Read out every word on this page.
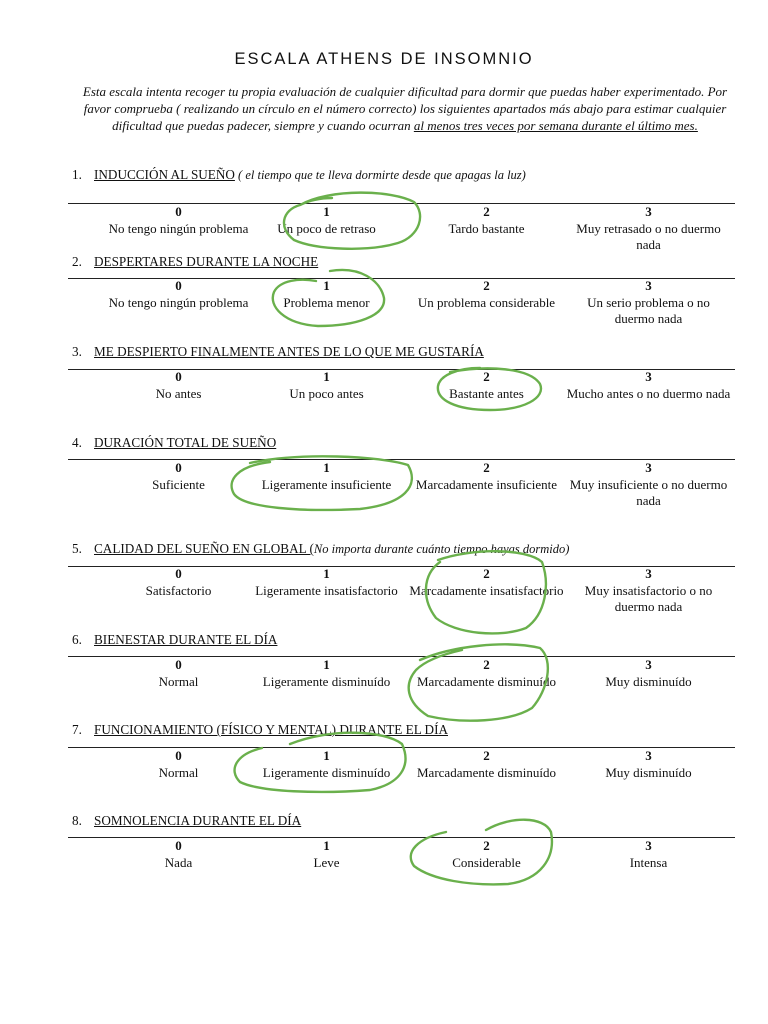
ESCALA ATHENS DE INSOMNIO
Esta escala intenta recoger tu propia evaluación de cualquier dificultad para dormir que puedas haber experimentado. Por favor comprueba ( realizando un círculo en el número correcto) los siguientes apartados más abajo para estimar cualquier dificultad que puedas padecer, siempre y cuando ocurran al menos tres veces por semana durante el último mes.
1. INDUCCIÓN AL SUEÑO ( el tiempo que te lleva dormirte desde que apagas la luz)
0
No tengo ningún problema
1
Un poco de retraso
2
Tardo bastante
3
Muy retrasado o no duermo nada
2. DESPERTARES DURANTE LA NOCHE
0
No tengo ningún problema
1
Problema menor
2
Un problema considerable
3
Un serio problema o no duermo nada
3. ME DESPIERTO FINALMENTE ANTES DE LO QUE ME GUSTARÍA
0
No antes
1
Un poco antes
2
Bastante antes
3
Mucho antes o no duermo nada
4. DURACIÓN TOTAL DE SUEÑO
0
Suficiente
1
Ligeramente insuficiente
2
Marcadamente insuficiente
3
Muy insuficiente o no duermo nada
5. CALIDAD DEL SUEÑO EN GLOBAL (No importa durante cuánto tiempo hayas dormido)
0
Satisfactorio
1
Ligeramente insatisfactorio
2
Marcadamente insatisfactorio
3
Muy insatisfactorio o no duermo nada
6. BIENESTAR DURANTE EL DÍA
0
Normal
1
Ligeramente disminuído
2
Marcadamente disminuído
3
Muy disminuído
7. FUNCIONAMIENTO (FÍSICO Y MENTAL) DURANTE EL DÍA
0
Normal
1
Ligeramente disminuído
2
Marcadamente disminuído
3
Muy disminuído
8. SOMNOLENCIA DURANTE EL DÍA
0
Nada
1
Leve
2
Considerable
3
Intensa
